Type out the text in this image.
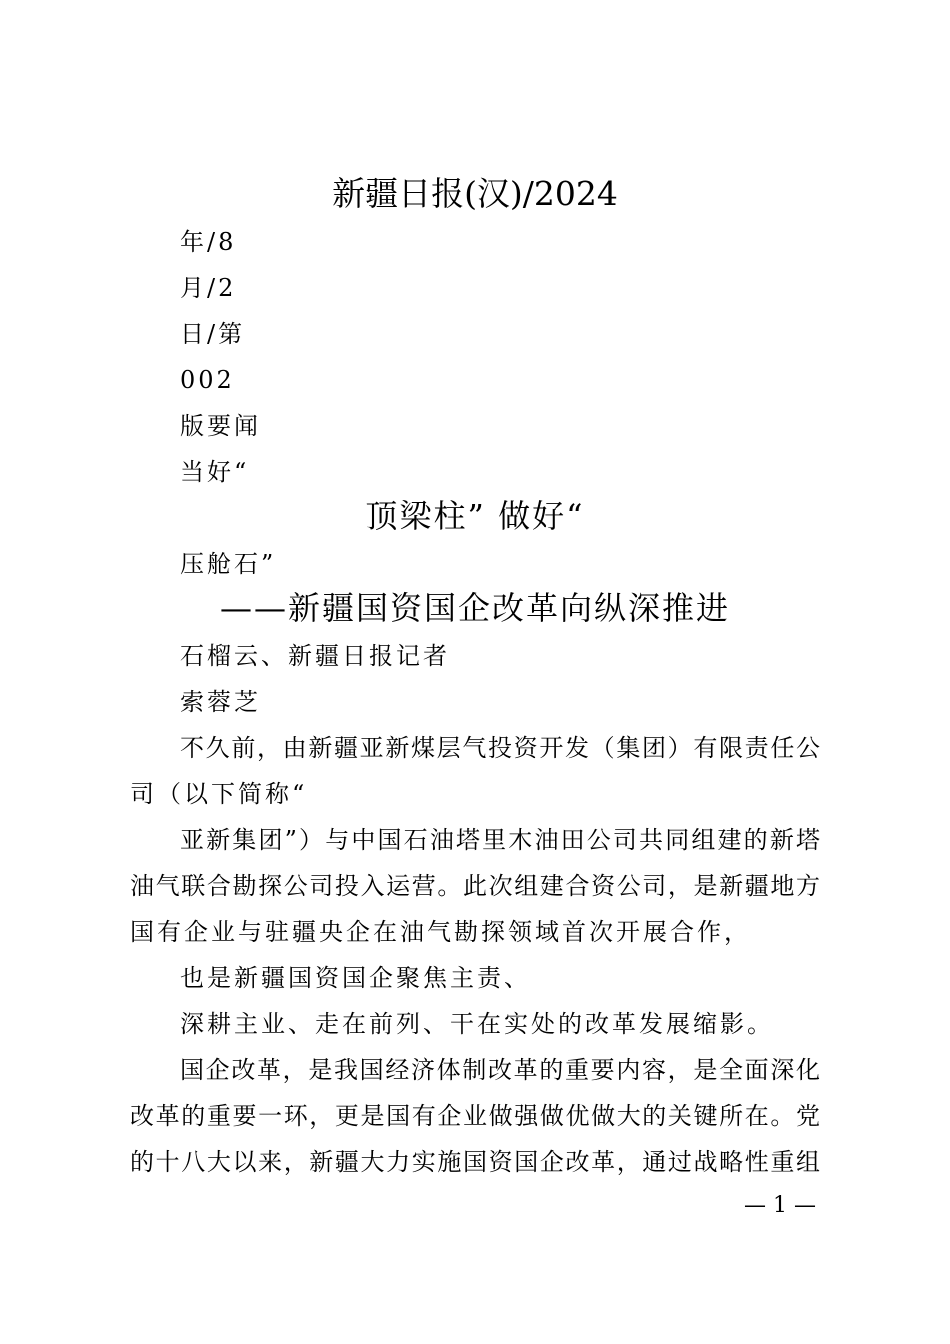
新疆日报(汉)/2024
年/8
月/2
日/第
002
版要闻
当好“
顶梁柱” 做好“
压舱石”
——新疆国资国企改革向纵深推进
石榴云、新疆日报记者
索蓉芝
不久前，由新疆亚新煤层气投资开发（集团）有限责任公
司（以下简称“
亚新集团”）与中国石油塔里木油田公司共同组建的新塔
油气联合勘探公司投入运营。此次组建合资公司，是新疆地方
国有企业与驻疆央企在油气勘探领域首次开展合作，
也是新疆国资国企聚焦主责、
深耕主业、走在前列、干在实处的改革发展缩影。
国企改革，是我国经济体制改革的重要内容，是全面深化
改革的重要一环，更是国有企业做强做优做大的关键所在。党
的十八大以来，新疆大力实施国资国企改革，通过战略性重组
— 1 —
